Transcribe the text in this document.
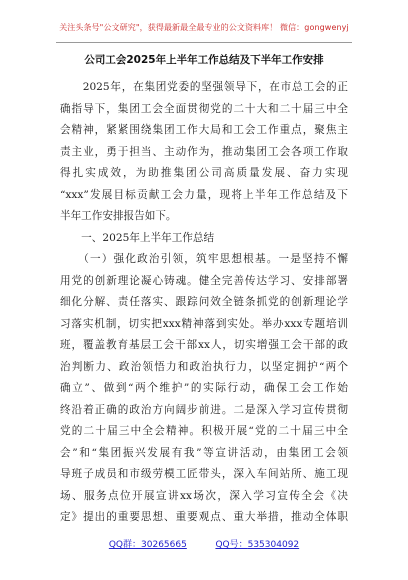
关注头条号"公文研究"，获得最新最全最专业的公文资料库！ 微信：gongwenyj
公司工会2025年上半年工作总结及下半年工作安排
　　2025年，在集团党委的坚强领导下，在市总工会的正
确指导下，集团工会全面贯彻党的二十大和二十届三中全
会精神，紧紧围绕集团工作大局和工会工作重点，聚焦主
责主业，勇于担当、主动作为，推动集团工会各项工作取
得扎实成效，为助推集团公司高质量发展、奋力实现
“xxx”发展目标贡献工会力量，现将上半年工作总结及下
半年工作安排报告如下。
　　一、2025年上半年工作总结
　　（一）强化政治引领，筑牢思想根基。一是坚持不懈
用党的创新理论凝心铸魂。健全完善传达学习、安排部署
细化分解、责任落实、跟踪问效全链条抓党的创新理论学
习落实机制，切实把xxx精神落到实处。举办xxx专题培训
班，覆盖教育基层工会干部xx人，切实增强工会干部的政
治判断力、政治领悟力和政治执行力，以坚定拥护“两个
确立”、做到“两个维护”的实际行动，确保工会工作始
终沿着正确的政治方向阔步前进。二是深入学习宣传贯彻
党的二十届三中全会精神。积极开展“党的二十届三中全
会”和“集团振兴发展有我”等宣讲活动，由集团工会领
导班子成员和市级劳模工匠带头，深入车间站所、施工现
场、服务点位开展宣讲xx场次，深入学习宣传全会《决
定》提出的重要思想、重要观点、重大举措，推动全体职
QQ群：30265665	QQ号：535304092
